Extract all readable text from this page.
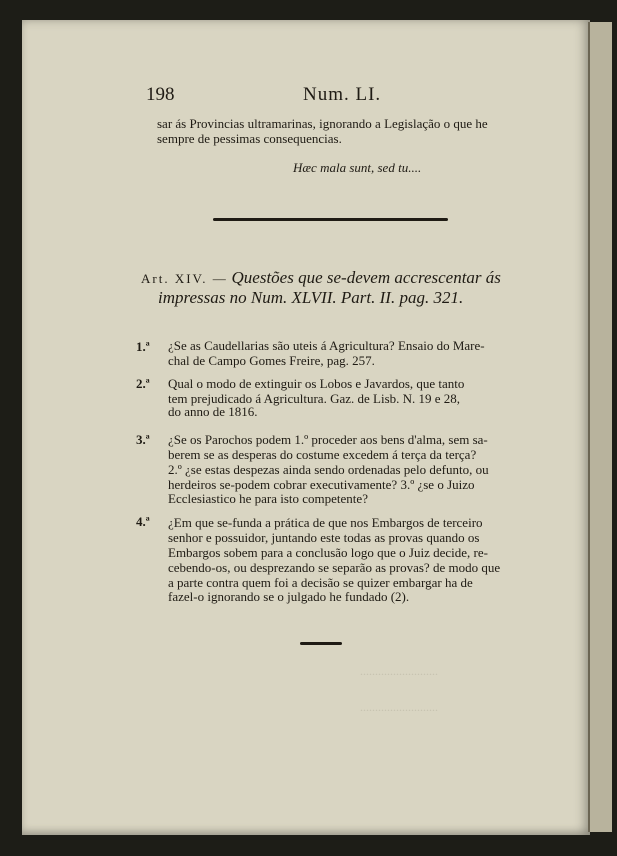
..........................
..........................
198	Num. LI.
sar ás Provincias ultramarinas, ignorando a Legislação o que he
sempre de pessimas consequencias.
Hæc mala sunt, sed tu....
Art. XIV. — Questões que se-devem accrescentar ás
impressas no Num. XLVII. Part. II. pag. 321.
1.ª ¿Se as Caudellarias são uteis á Agricultura? Ensaio do Mare-
chal de Campo Gomes Freire, pag. 257.
2.ª Qual o modo de extinguir os Lobos e Javardos, que tanto
tem prejudicado á Agricultura. Gaz. de Lisb. N. 19 e 28,
do anno de 1816.
3.ª ¿Se os Parochos podem 1.º proceder aos bens d'alma, sem sa-
berem se as desperas do costume excedem á terça da terça?
2.º ¿se estas despezas ainda sendo ordenadas pelo defunto, ou
herdeiros se-podem cobrar executivamente? 3.º ¿se o Juizo
Ecclesiastico he para isto competente?
4.ª ¿Em que se-funda a prática de que nos Embargos de terceiro
senhor e possuidor, juntando este todas as provas quando os
Embargos sobem para a conclusão logo que o Juiz decide, re-
cebendo-os, ou desprezando se separão as provas? de modo que
a parte contra quem foi a decisão se quizer embargar ha de
fazel-o ignorando se o julgado he fundado (2).
